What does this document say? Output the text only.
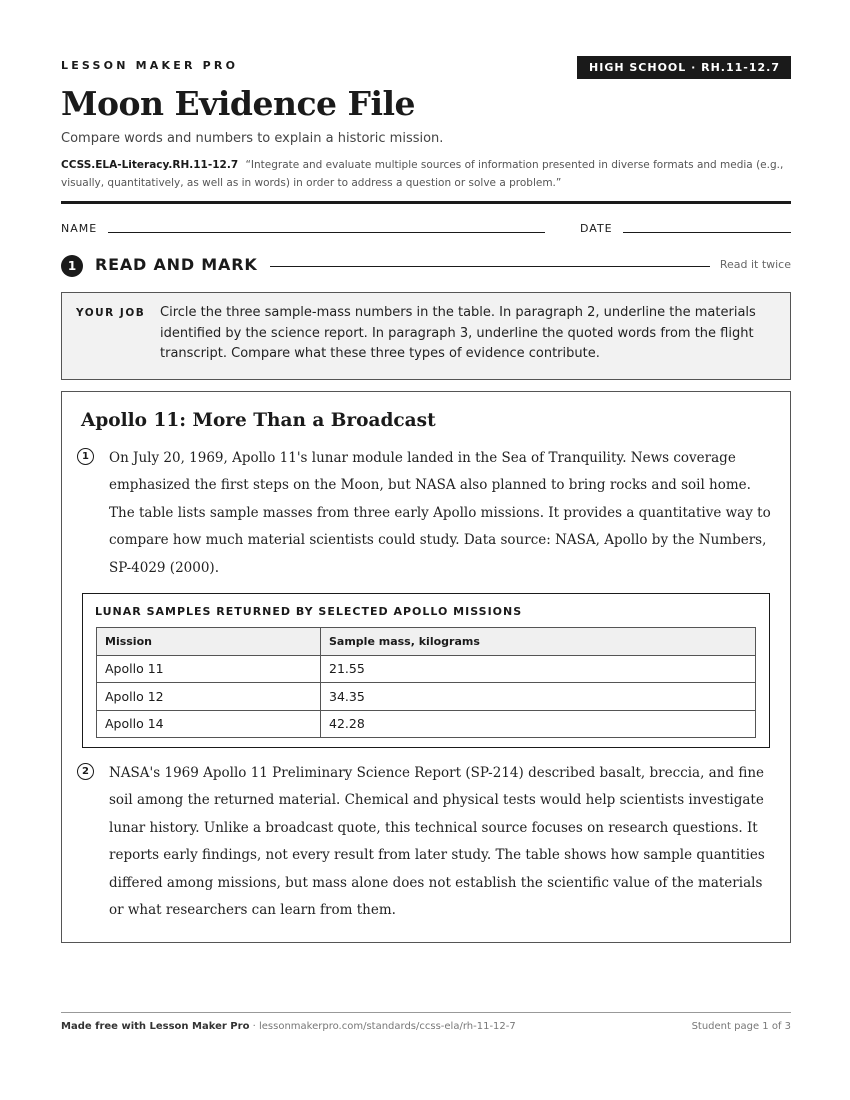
LESSON MAKER PRO	HIGH SCHOOL · RH.11-12.7
Moon Evidence File
Compare words and numbers to explain a historic mission.
CCSS.ELA-Literacy.RH.11-12.7 “Integrate and evaluate multiple sources of information presented in diverse formats and media (e.g., visually, quantitatively, as well as in words) in order to address a question or solve a problem.”
NAME	DATE
1	READ AND MARK	Read it twice
YOUR JOB Circle the three sample-mass numbers in the table. In paragraph 2, underline the materials identified by the science report. In paragraph 3, underline the quoted words from the flight transcript. Compare what these three types of evidence contribute.
Apollo 11: More Than a Broadcast
1	On July 20, 1969, Apollo 11's lunar module landed in the Sea of Tranquility. News coverage emphasized the first steps on the Moon, but NASA also planned to bring rocks and soil home. The table lists sample masses from three early Apollo missions. It provides a quantitative way to compare how much material scientists could study. Data source: NASA, Apollo by the Numbers, SP-4029 (2000).
LUNAR SAMPLES RETURNED BY SELECTED APOLLO MISSIONS
Mission	Sample mass, kilograms
Apollo 11	21.55
Apollo 12	34.35
Apollo 14	42.28
2	NASA's 1969 Apollo 11 Preliminary Science Report (SP-214) described basalt, breccia, and fine soil among the returned material. Chemical and physical tests would help scientists investigate lunar history. Unlike a broadcast quote, this technical source focuses on research questions. It reports early findings, not every result from later study. The table shows how sample quantities differed among missions, but mass alone does not establish the scientific value of the materials or what researchers can learn from them.
Made free with Lesson Maker Pro · lessonmakerpro.com/standards/ccss-ela/rh-11-12-7	Student page 1 of 3
